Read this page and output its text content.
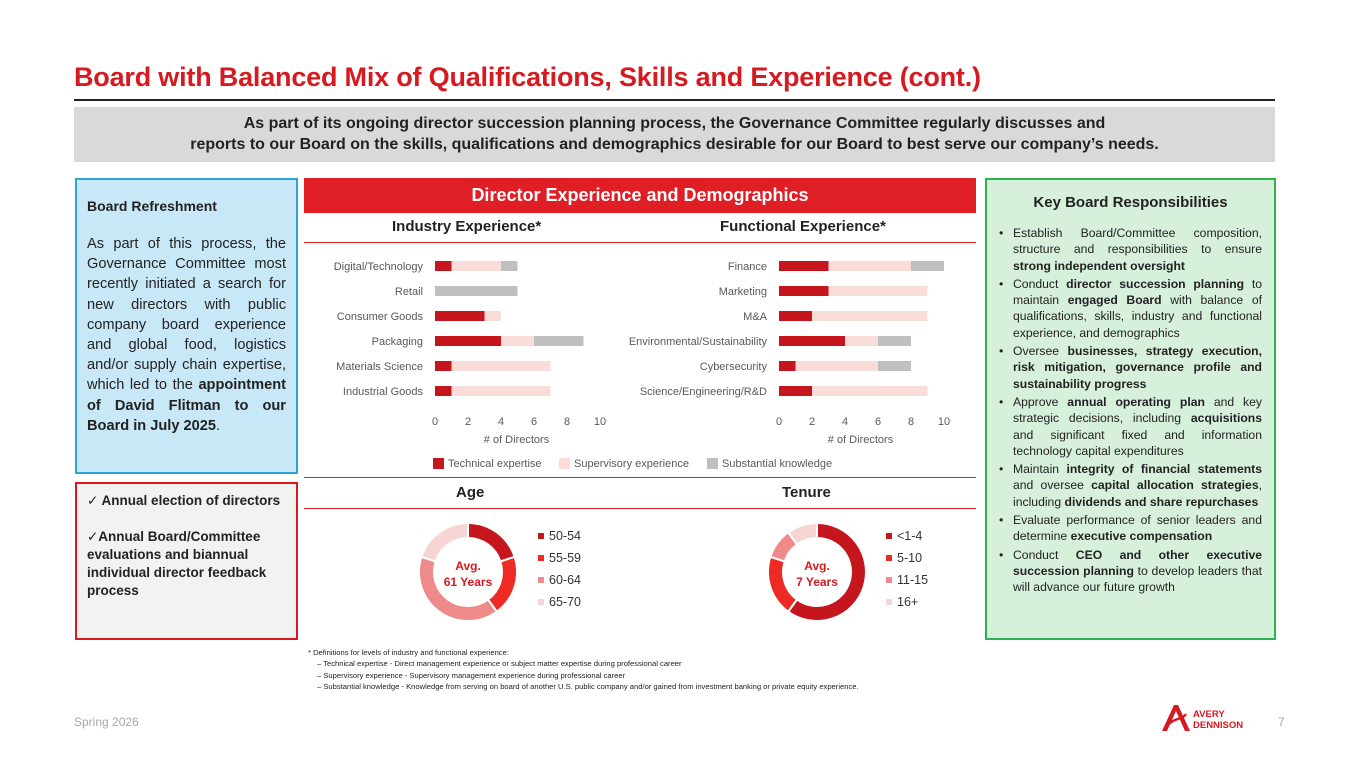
Board with Balanced Mix of Qualifications, Skills and Experience (cont.)
As part of its ongoing director succession planning process, the Governance Committee regularly discusses and
reports to our Board on the skills, qualifications and demographics desirable for our Board to best serve our company’s needs.
Board Refreshment
As part of this process, the Governance Committee most recently initiated a search for new directors with public company board experience and global food, logistics and/or supply chain expertise, which led to the appointment of David Flitman to our Board in July 2025.
✓ Annual election of directors
✓Annual Board/Committee evaluations and biannual individual director feedback process
Director Experience and Demographics
Industry Experience*	Functional Experience*
Digital/Technology
Retail
Consumer Goods
Packaging
Materials Science
Industrial Goods
0 2 4 6 8 10
# of Directors
Finance
Marketing
M&A
Environmental/Sustainability
Cybersecurity
Science/Engineering/R&D
0 2 4 6 8 10
# of Directors
Technical expertise	Supervisory experience	Substantial knowledge
Age	Tenure
Avg.
61 Years
50-54
55-59
60-64
65-70
Avg.
7 Years
<1-4
5-10
11-15
16+
Key Board Responsibilities
• Establish Board/Committee composition, structure and responsibilities to ensure strong independent oversight
• Conduct director succession planning to maintain engaged Board with balance of qualifications, skills, industry and functional experience, and demographics
• Oversee businesses, strategy execution, risk mitigation, governance profile and sustainability progress
• Approve annual operating plan and key strategic decisions, including acquisitions and significant fixed and information technology capital expenditures
• Maintain integrity of financial statements and oversee capital allocation strategies, including dividends and share repurchases
• Evaluate performance of senior leaders and determine executive compensation
• Conduct CEO and other executive succession planning to develop leaders that will advance our future growth
* Definitions for levels of industry and functional experience:
– Technical expertise - Direct management experience or subject matter expertise during professional career
– Supervisory experience - Supervisory management experience during professional career
– Substantial knowledge - Knowledge from serving on board of another U.S. public company and/or gained from investment banking or private equity experience.
Spring 2026	7
AVERY
DENNISON
